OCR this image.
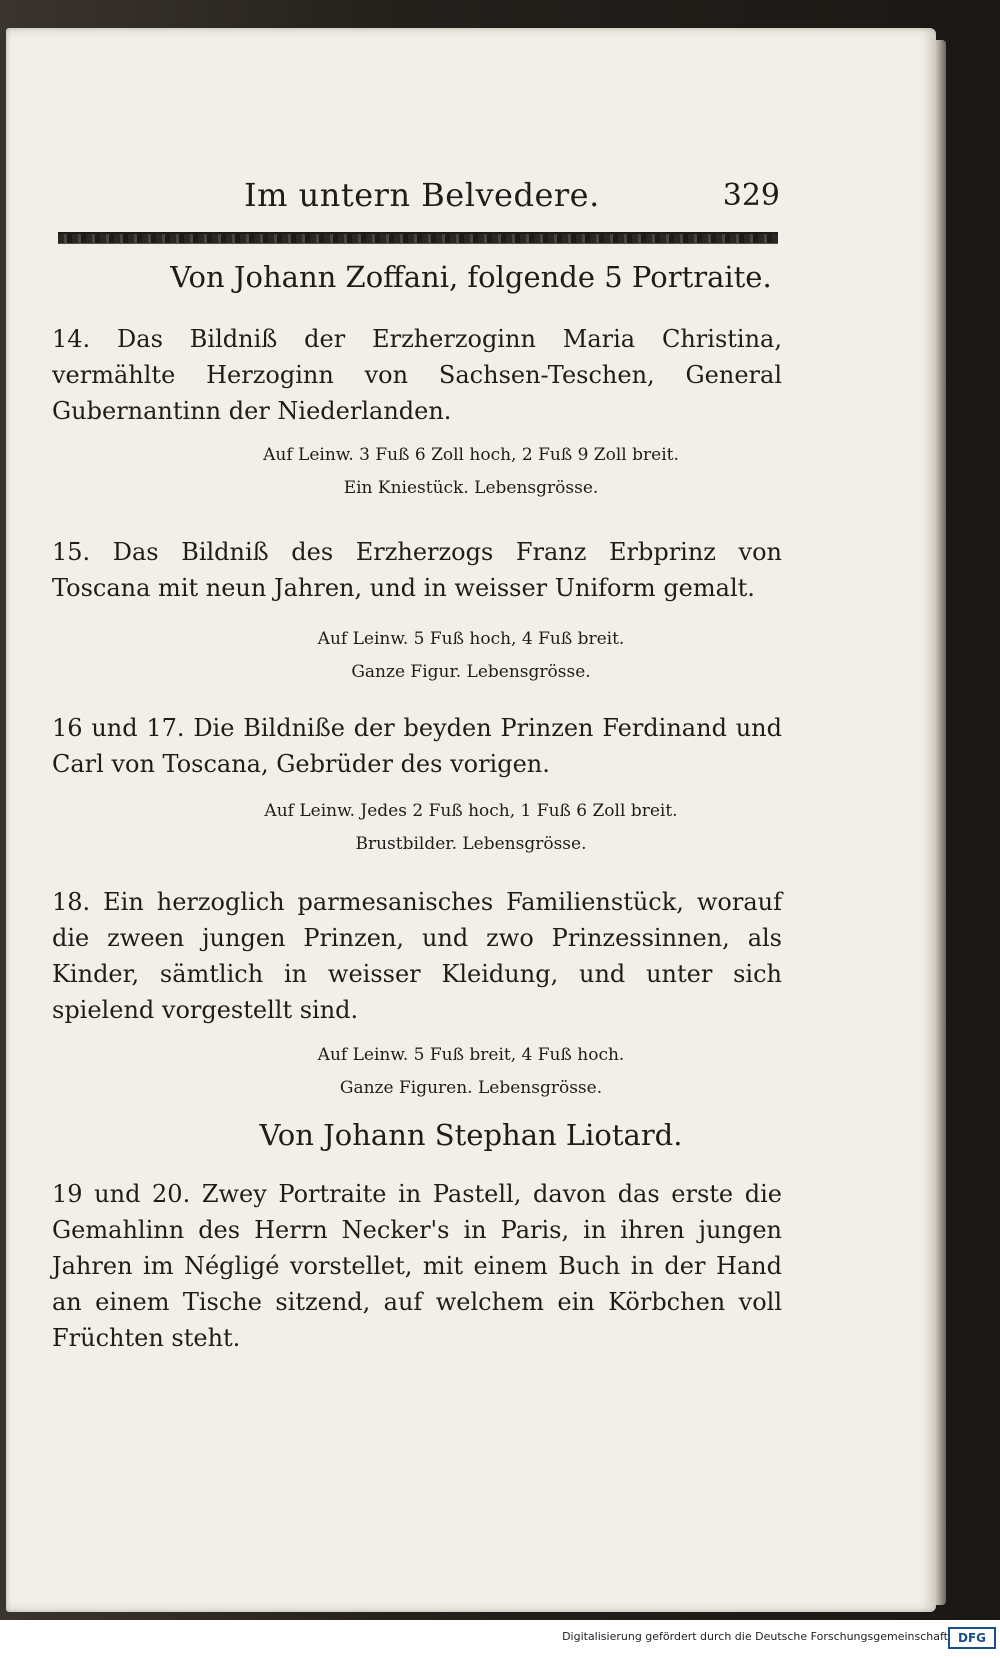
Im untern Belvedere.	329
Von Johann Zoffani, folgende 5 Portraite.
14. Das Bildniß der Erzherzoginn Maria Christina, vermählte Herzoginn von Sachsen-Teschen, General Gubernantinn der Niederlanden.
Auf Leinw. 3 Fuß 6 Zoll hoch, 2 Fuß 9 Zoll breit.
Ein Kniestück. Lebensgrösse.
15. Das Bildniß des Erzherzogs Franz Erbprinz von Toscana mit neun Jahren, und in weisser Uniform gemalt.
Auf Leinw. 5 Fuß hoch, 4 Fuß breit.
Ganze Figur. Lebensgrösse.
16 und 17. Die Bildniße der beyden Prinzen Ferdinand und Carl von Toscana, Gebrüder des vorigen.
Auf Leinw. Jedes 2 Fuß hoch, 1 Fuß 6 Zoll breit.
Brustbilder. Lebensgrösse.
18. Ein herzoglich parmesanisches Familienstück, worauf die zween jungen Prinzen, und zwo Prinzessinnen, als Kinder, sämtlich in weisser Kleidung, und unter sich spielend vorgestellt sind.
Auf Leinw. 5 Fuß breit, 4 Fuß hoch.
Ganze Figuren. Lebensgrösse.
Von Johann Stephan Liotard.
19 und 20. Zwey Portraite in Pastell, davon das erste die Gemahlinn des Herrn Necker's in Paris, in ihren jungen Jahren im Négligé vorstellet, mit einem Buch in der Hand an einem Tische sitzend, auf welchem ein Körbchen voll Früchten steht.
Digitalisierung gefördert durch die Deutsche Forschungsgemeinschaft DFG
